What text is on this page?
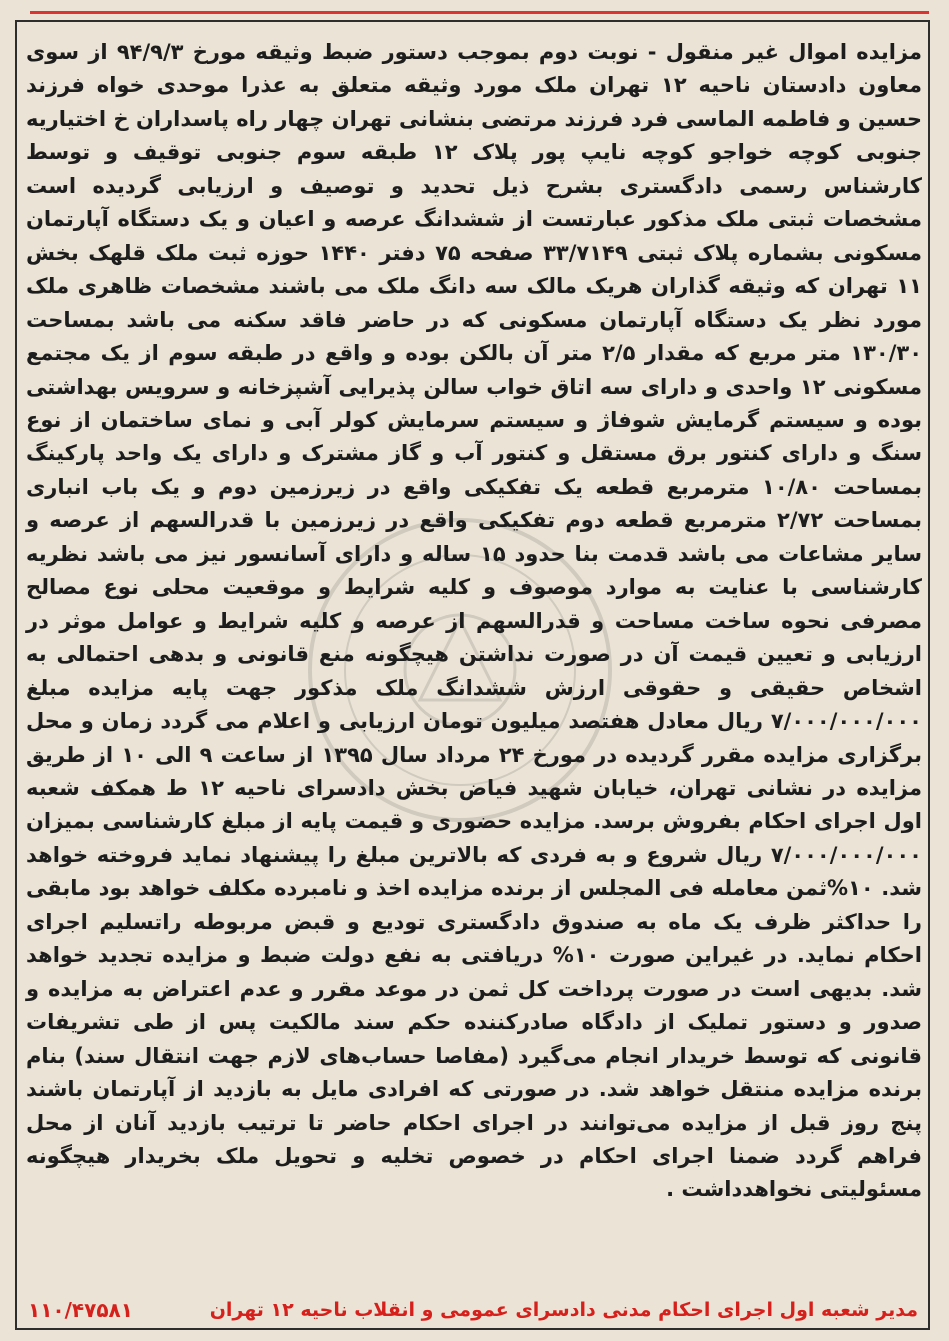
مزایده اموال غیر منقول - نوبت دوم بموجب دستور ضبط وثیقه مورخ ۹۴/۹/۳ از سوی معاون دادستان ناحیه ۱۲ تهران ملک مورد وثیقه متعلق به عذرا موحدی خواه فرزند حسین و فاطمه الماسی فرد فرزند مرتضی بنشانی تهران چهار راه پاسداران خ اختیاریه جنوبی کوچه خواجو کوچه نایپ پور پلاک ۱۲ طبقه سوم جنوبی توقیف و توسط کارشناس رسمی دادگستری بشرح ذیل تحدید و توصیف و ارزیابی گردیده است مشخصات ثبتی ملک مذکور عبارتست از ششدانگ عرصه و اعیان و یک دستگاه آپارتمان مسکونی بشماره پلاک ثبتی ۳۳/۷۱۴۹ صفحه ۷۵ دفتر ۱۴۴۰ حوزه ثبت ملک قلهک بخش ۱۱ تهران که وثیقه گذاران هریک مالک سه دانگ ملک می باشند مشخصات ظاهری ملک مورد نظر یک دستگاه آپارتمان مسکونی که در حاضر فاقد سکنه می باشد بمساحت ۱۳۰/۳۰ متر مربع که مقدار ۲/۵ متر آن بالکن بوده و واقع در طبقه سوم از یک مجتمع مسکونی ۱۲ واحدی و دارای سه اتاق خواب سالن پذیرایی آشپزخانه و سرویس بهداشتی بوده و سیستم گرمایش شوفاژ و سیستم سرمایش کولر آبی و نمای ساختمان از نوع سنگ و دارای کنتور برق مستقل و کنتور آب و گاز مشترک و دارای یک واحد پارکینگ بمساحت ۱۰/۸۰ مترمربع قطعه یک تفکیکی واقع در زیرزمین دوم و یک باب انباری بمساحت ۲/۷۲ مترمربع قطعه دوم تفکیکی واقع در زیرزمین با قدرالسهم از عرصه و سایر مشاعات می باشد قدمت بنا حدود ۱۵ ساله و دارای آسانسور نیز می باشد نظریه کارشناسی با عنایت به موارد موصوف و کلیه شرایط و موقعیت محلی نوع مصالح مصرفی نحوه ساخت مساحت و قدرالسهم از عرصه و کلیه شرایط و عوامل موثر در ارزیابی و تعیین قیمت آن در صورت نداشتن هیچگونه منع قانونی و بدهی احتمالی به اشخاص حقیقی و حقوقی ارزش ششدانگ ملک مذکور جهت پایه مزایده مبلغ ۷/۰۰۰/۰۰۰/۰۰۰ ریال معادل هفتصد میلیون تومان ارزیابی و اعلام می گردد زمان و محل برگزاری مزایده مقرر گردیده در مورخ ۲۴ مرداد سال ۱۳۹۵ از ساعت ۹ الی ۱۰ از طریق مزایده در نشانی تهران، خیابان شهید فیاض بخش دادسرای ناحیه ۱۲ ط همکف شعبه اول اجرای احکام بفروش برسد. مزایده حضوری و قیمت پایه از مبلغ کارشناسی بمیزان ۷/۰۰۰/۰۰۰/۰۰۰ ریال شروع و به فردی که بالاترین مبلغ را پیشنهاد نماید فروخته خواهد شد. ۱۰%ثمن معامله فی المجلس از برنده مزایده اخذ و نامبرده مکلف خواهد بود مابقی را حداکثر ظرف یک ماه به صندوق دادگستری تودیع و قبض مربوطه راتسلیم اجرای احکام نماید. در غیراین صورت ۱۰% دریافتی به نفع دولت ضبط و مزایده تجدید خواهد شد. بدیهی است در صورت پرداخت کل ثمن در موعد مقرر و عدم اعتراض به مزایده و صدور و دستور تملیک از دادگاه صادرکننده حکم سند مالکیت پس از طی تشریفات قانونی که توسط خریدار انجام می‌گیرد (مفاصا حساب‌های لازم جهت انتقال سند) بنام برنده مزایده منتقل خواهد شد. در صورتی که افرادی مایل به بازدید از آپارتمان باشند پنج روز قبل از مزایده می‌توانند در اجرای احکام حاضر تا ترتیب بازدید آنان از محل فراهم گردد ضمنا اجرای احکام در خصوص تخلیه و تحویل ملک بخریدار هیچگونه مسئولیتی نخواهدداشت .

مدیر شعبه اول اجرای احکام مدنی دادسرای عمومی و انقلاب ناحیه ۱۲ تهران
۱۱۰/۴۷۵۸۱
